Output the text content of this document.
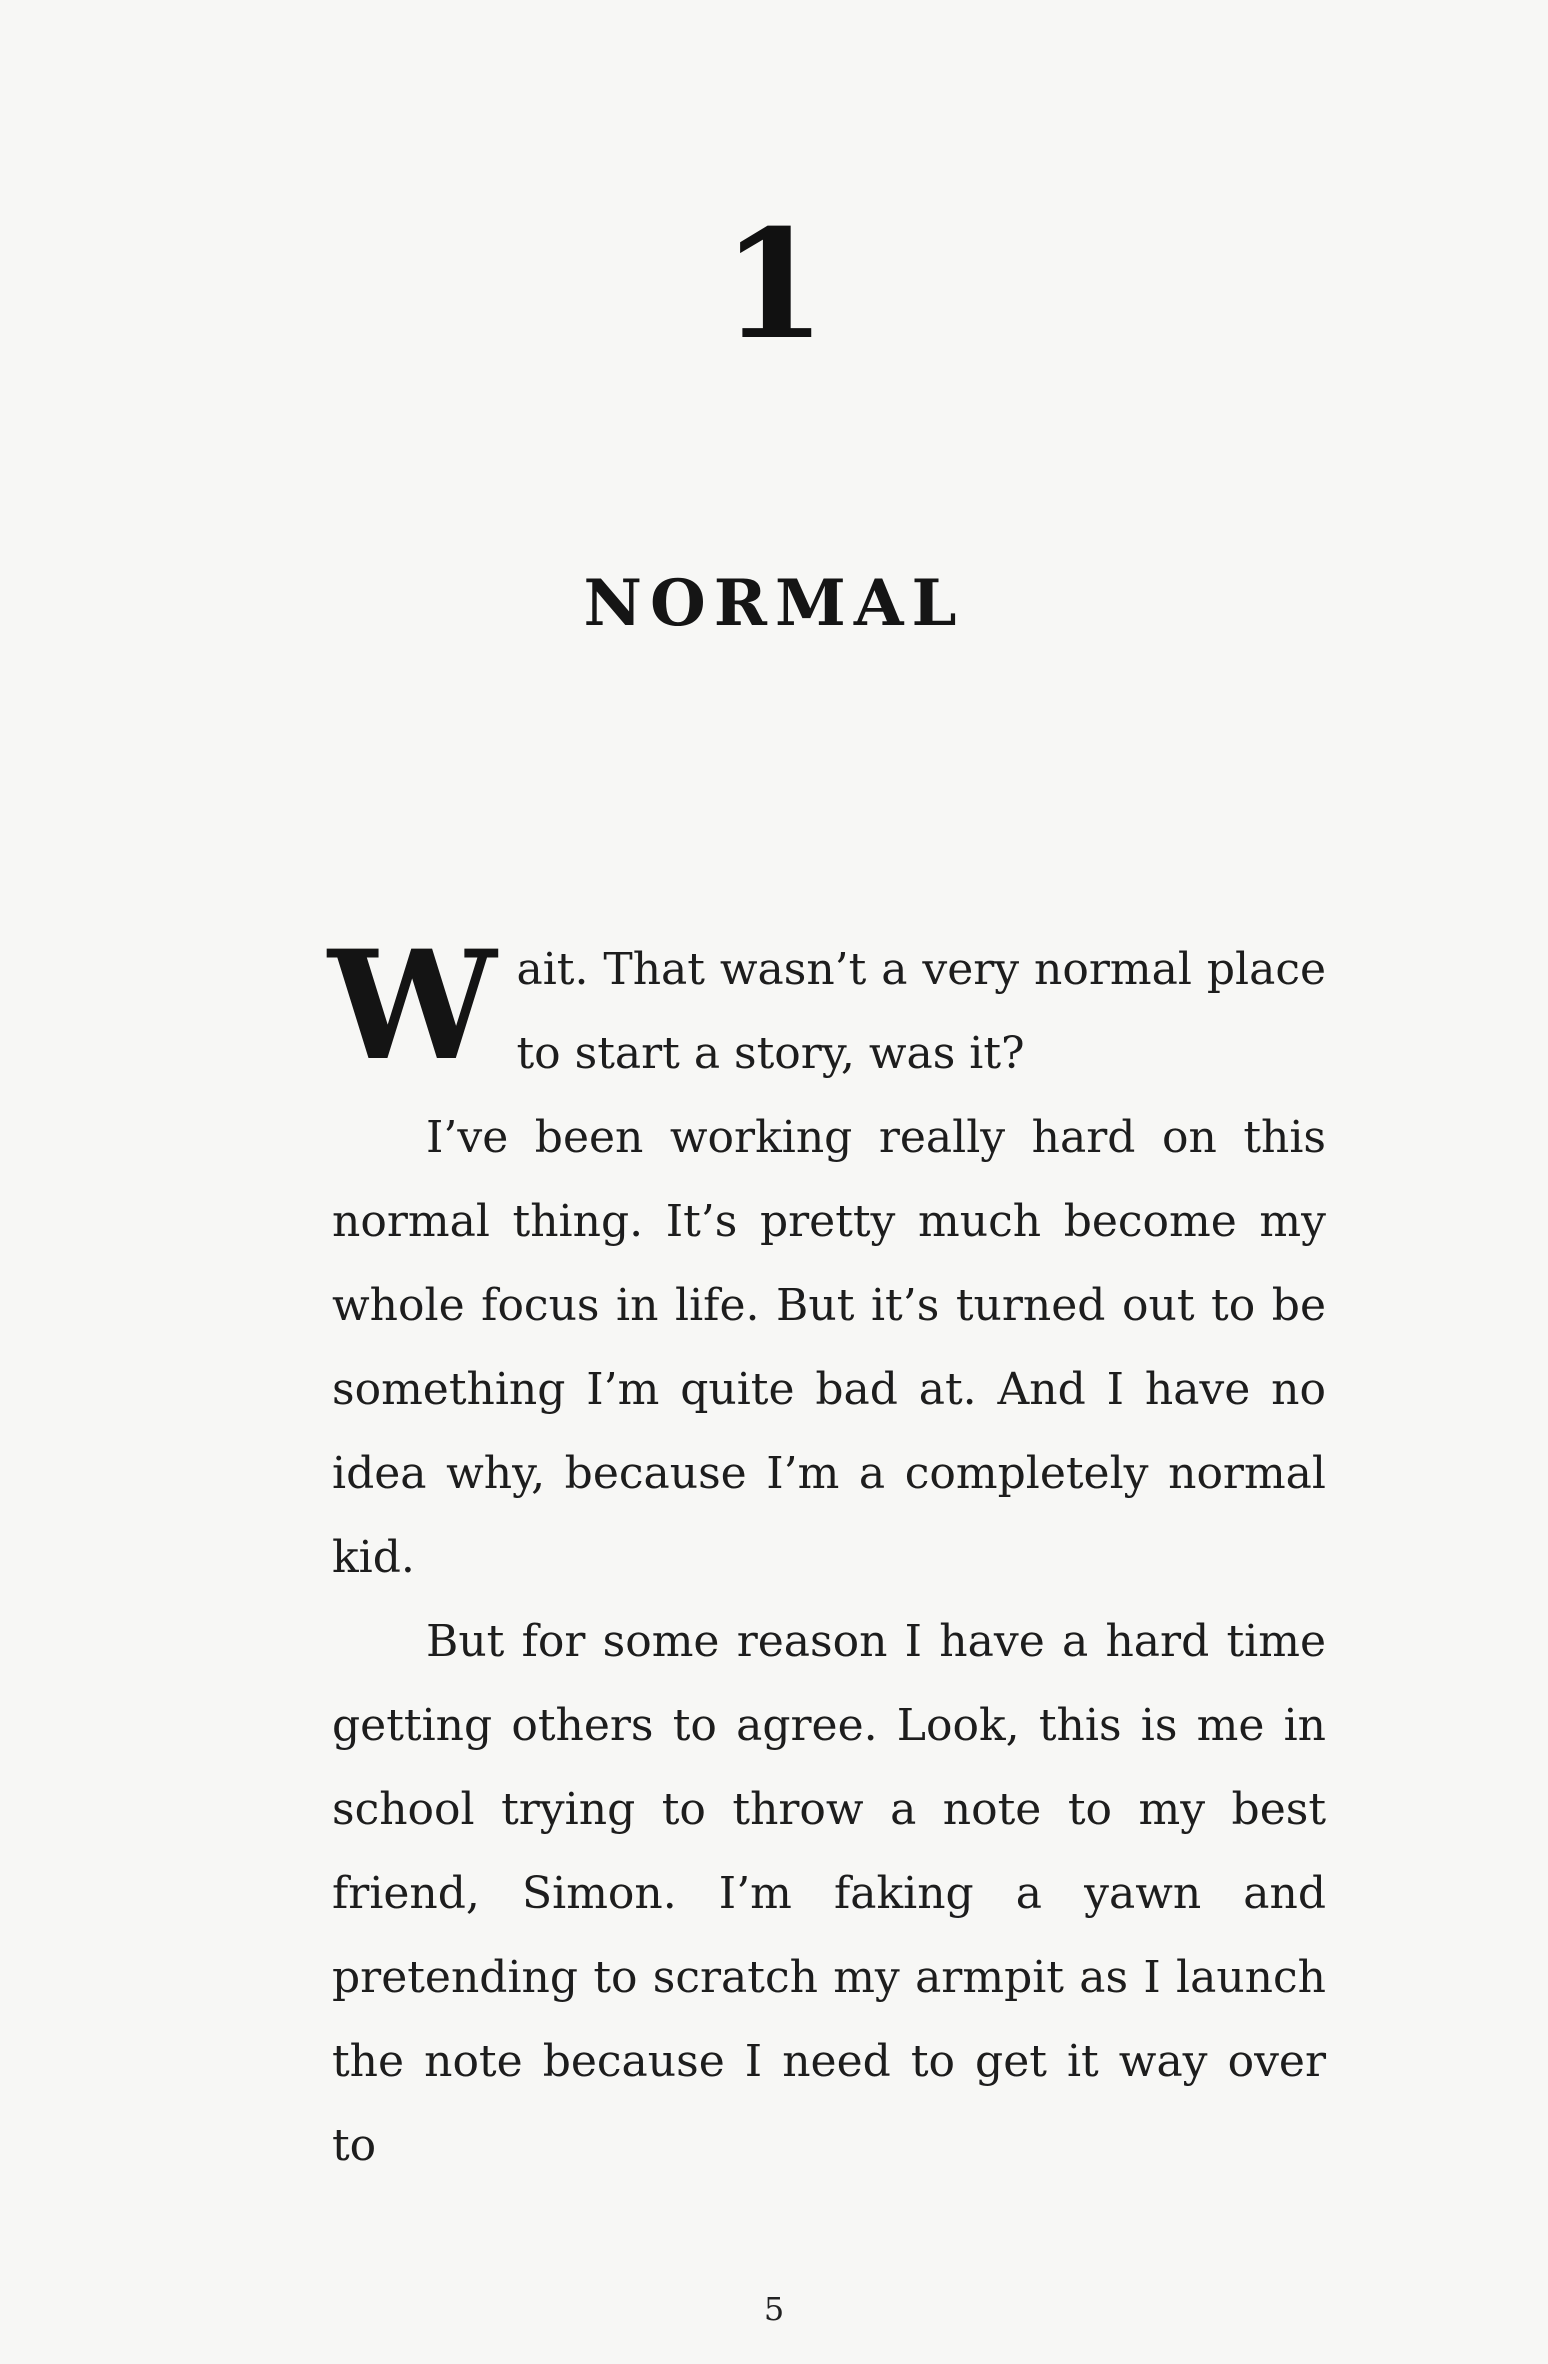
1
NORMAL

Wait. That wasn’t a very normal place to start a story, was it?

I’ve been working really hard on this normal thing. It’s pretty much become my whole focus in life. But it’s turned out to be something I’m quite bad at. And I have no idea why, because I’m a completely normal kid.

But for some reason I have a hard time getting others to agree. Look, this is me in school trying to throw a note to my best friend, Simon. I’m faking a yawn and pretending to scratch my armpit as I launch the note because I need to get it way over to

5
